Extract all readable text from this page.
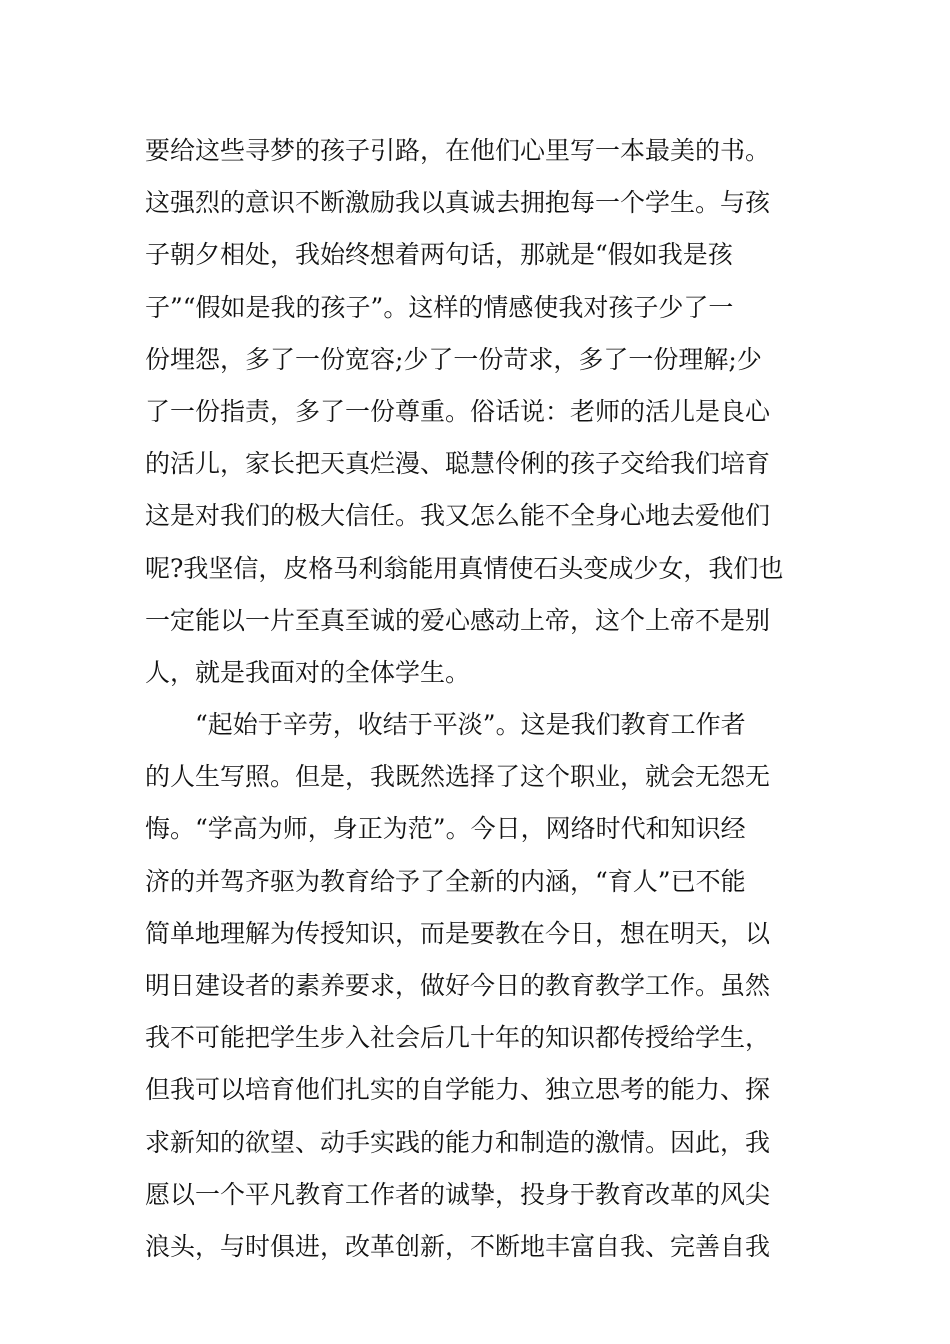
要给这些寻梦的孩子引路，在他们心里写一本最美的书。
这强烈的意识不断激励我以真诚去拥抱每一个学生。与孩
子朝夕相处，我始终想着两句话，那就是“假如我是孩
子”“假如是我的孩子”。这样的情感使我对孩子少了一
份埋怨，多了一份宽容;少了一份苛求，多了一份理解;少
了一份指责，多了一份尊重。俗话说：老师的活儿是良心
的活儿，家长把天真烂漫、聪慧伶俐的孩子交给我们培育
这是对我们的极大信任。我又怎么能不全身心地去爱他们
呢?我坚信，皮格马利翁能用真情使石头变成少女，我们也
一定能以一片至真至诚的爱心感动上帝，这个上帝不是别
人，就是我面对的全体学生。
“起始于辛劳，收结于平淡”。这是我们教育工作者
的人生写照。但是，我既然选择了这个职业，就会无怨无
悔。“学高为师，身正为范”。今日，网络时代和知识经
济的并驾齐驱为教育给予了全新的内涵，“育人”已不能
简单地理解为传授知识，而是要教在今日，想在明天，以
明日建设者的素养要求，做好今日的教育教学工作。虽然
我不可能把学生步入社会后几十年的知识都传授给学生，
但我可以培育他们扎实的自学能力、独立思考的能力、探
求新知的欲望、动手实践的能力和制造的激情。因此，我
愿以一个平凡教育工作者的诚挚，投身于教育改革的风尖
浪头，与时俱进，改革创新，不断地丰富自我、完善自我
